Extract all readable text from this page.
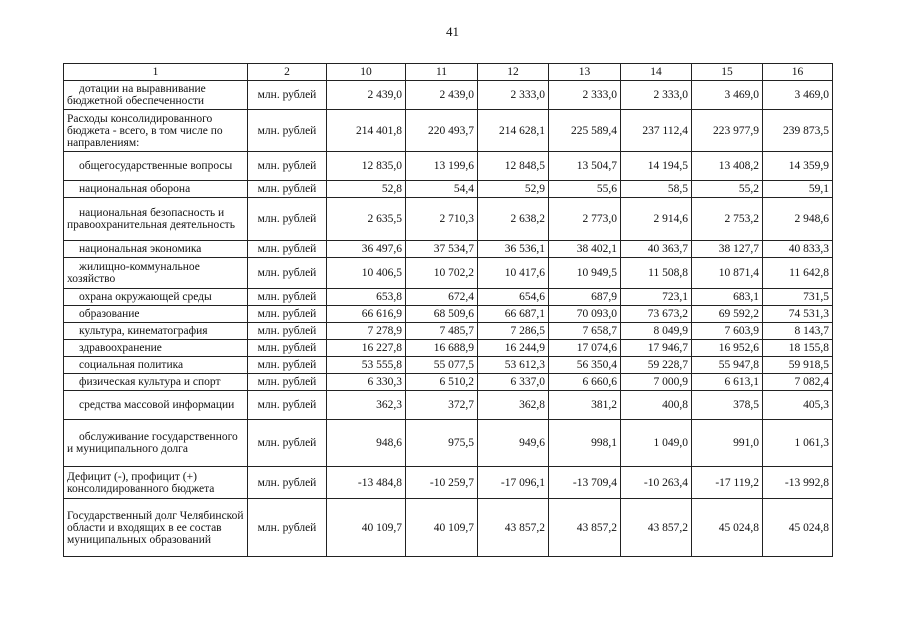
41
1	2	10	11	12	13	14	15	16
дотации на выравнивание бюджетной обеспеченности	млн. рублей	2 439,0	2 439,0	2 333,0	2 333,0	2 333,0	3 469,0	3 469,0
Расходы консолидированного бюджета - всего, в том числе по направлениям:	млн. рублей	214 401,8	220 493,7	214 628,1	225 589,4	237 112,4	223 977,9	239 873,5
общегосударственные вопросы	млн. рублей	12 835,0	13 199,6	12 848,5	13 504,7	14 194,5	13 408,2	14 359,9
национальная оборона	млн. рублей	52,8	54,4	52,9	55,6	58,5	55,2	59,1
национальная безопасность и правоохранительная деятельность	млн. рублей	2 635,5	2 710,3	2 638,2	2 773,0	2 914,6	2 753,2	2 948,6
национальная экономика	млн. рублей	36 497,6	37 534,7	36 536,1	38 402,1	40 363,7	38 127,7	40 833,3
жилищно-коммунальное хозяйство	млн. рублей	10 406,5	10 702,2	10 417,6	10 949,5	11 508,8	10 871,4	11 642,8
охрана окружающей среды	млн. рублей	653,8	672,4	654,6	687,9	723,1	683,1	731,5
образование	млн. рублей	66 616,9	68 509,6	66 687,1	70 093,0	73 673,2	69 592,2	74 531,3
культура, кинематография	млн. рублей	7 278,9	7 485,7	7 286,5	7 658,7	8 049,9	7 603,9	8 143,7
здравоохранение	млн. рублей	16 227,8	16 688,9	16 244,9	17 074,6	17 946,7	16 952,6	18 155,8
социальная политика	млн. рублей	53 555,8	55 077,5	53 612,3	56 350,4	59 228,7	55 947,8	59 918,5
физическая культура и спорт	млн. рублей	6 330,3	6 510,2	6 337,0	6 660,6	7 000,9	6 613,1	7 082,4
средства массовой информации	млн. рублей	362,3	372,7	362,8	381,2	400,8	378,5	405,3
обслуживание государственного и муниципального долга	млн. рублей	948,6	975,5	949,6	998,1	1 049,0	991,0	1 061,3
Дефицит (-), профицит (+) консолидированного бюджета	млн. рублей	-13 484,8	-10 259,7	-17 096,1	-13 709,4	-10 263,4	-17 119,2	-13 992,8
Государственный долг Челябинской области и входящих в ее состав муниципальных образований	млн. рублей	40 109,7	40 109,7	43 857,2	43 857,2	43 857,2	45 024,8	45 024,8
